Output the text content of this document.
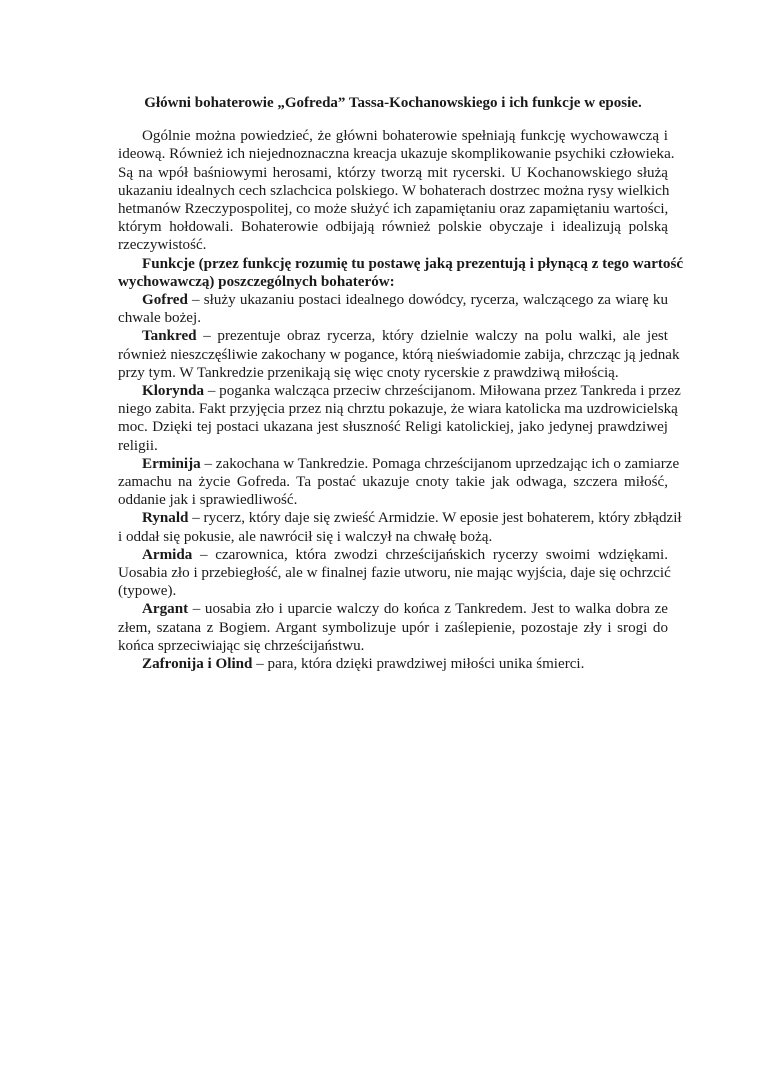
Główni bohaterowie „Gofreda” Tassa-Kochanowskiego i ich funkcje w eposie.

Ogólnie można powiedzieć, że główni bohaterowie spełniają funkcję wychowawczą i
ideową. Również ich niejednoznaczna kreacja ukazuje skomplikowanie psychiki człowieka.
Są na wpół baśniowymi herosami, którzy tworzą mit rycerski. U Kochanowskiego służą
ukazaniu idealnych cech szlachcica polskiego. W bohaterach dostrzec można rysy wielkich
hetmanów Rzeczypospolitej, co może służyć ich zapamiętaniu oraz zapamiętaniu wartości,
którym hołdowali. Bohaterowie odbijają również polskie obyczaje i idealizują polską
rzeczywistość.
Funkcje (przez funkcję rozumię tu postawę jaką prezentują i płynącą z tego wartość
wychowawczą) poszczególnych bohaterów:
Gofred – służy ukazaniu postaci idealnego dowódcy, rycerza, walczącego za wiarę ku
chwale bożej.
Tankred – prezentuje obraz rycerza, który dzielnie walczy na polu walki, ale jest
również nieszczęśliwie zakochany w pogance, którą nieświadomie zabija, chrzcząc ją jednak
przy tym. W Tankredzie przenikają się więc cnoty rycerskie z prawdziwą miłością.
Klorynda – poganka walcząca przeciw chrześcijanom. Miłowana przez Tankreda i przez
niego zabita. Fakt przyjęcia przez nią chrztu pokazuje, że wiara katolicka ma uzdrowicielską
moc. Dzięki tej postaci ukazana jest słuszność Religi katolickiej, jako jedynej prawdziwej
religii.
Erminija – zakochana w Tankredzie. Pomaga chrześcijanom uprzedzając ich o zamiarze
zamachu na życie Gofreda. Ta postać ukazuje cnoty takie jak odwaga, szczera miłość,
oddanie jak i sprawiedliwość.
Rynald – rycerz, który daje się zwieść Armidzie. W eposie jest bohaterem, który zbłądził
i oddał się pokusie, ale nawrócił się i walczył na chwałę bożą.
Armida – czarownica, która zwodzi chrześcijańskich rycerzy swoimi wdziękami.
Uosabia zło i przebiegłość, ale w finalnej fazie utworu, nie mając wyjścia, daje się ochrzcić
(typowe).
Argant – uosabia zło i uparcie walczy do końca z Tankredem. Jest to walka dobra ze
złem, szatana z Bogiem. Argant symbolizuje upór i zaślepienie, pozostaje zły i srogi do
końca sprzeciwiając się chrześcijaństwu.
Zafronija i Olind – para, która dzięki prawdziwej miłości unika śmierci.
